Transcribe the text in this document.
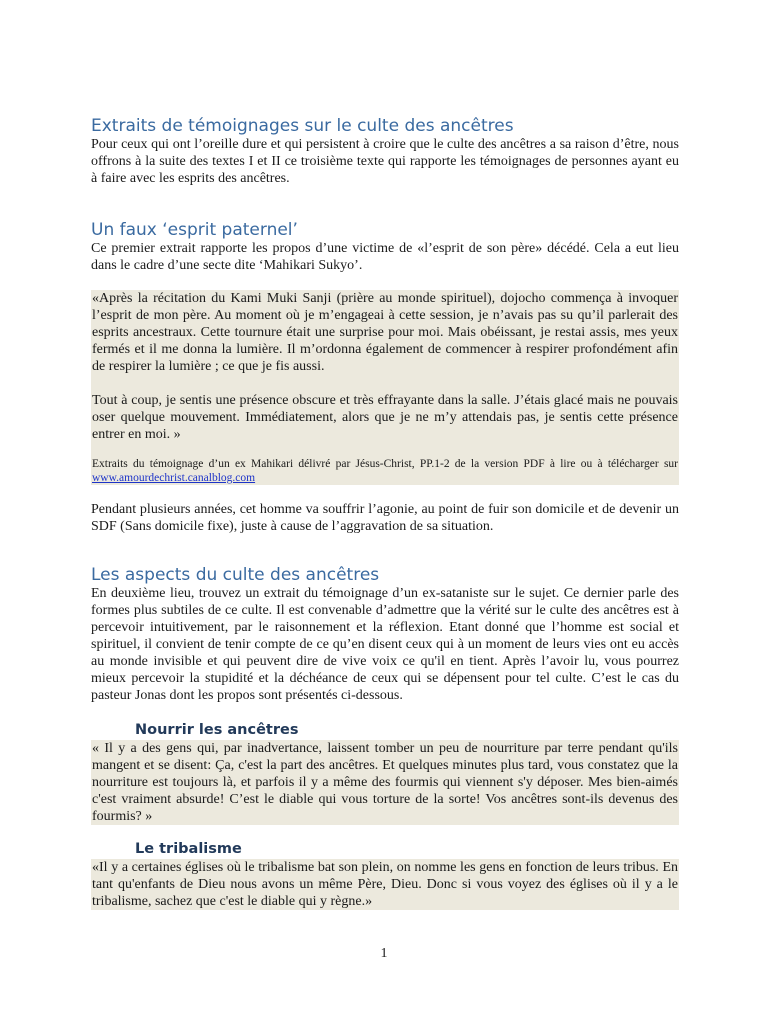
Extraits de témoignages sur le culte des ancêtres

Pour ceux qui ont l’oreille dure et qui persistent à croire que le culte des ancêtres a sa raison d’être, nous offrons à la suite des textes I et II ce troisième texte qui rapporte les témoignages de personnes ayant eu à faire avec les esprits des ancêtres.

Un faux ‘esprit paternel’

Ce premier extrait rapporte les propos d’une victime de «l’esprit de son père» décédé. Cela a eut lieu dans le cadre d’une secte dite ‘Mahikari Sukyo’.

«Après la récitation du Kami Muki Sanji (prière au monde spirituel), dojocho commença à invoquer l’esprit de mon père. Au moment où je m’engageai à cette session, je n’avais pas su qu’il parlerait des esprits ancestraux. Cette tournure était une surprise pour moi. Mais obéissant, je restai assis, mes yeux fermés et il me donna la lumière. Il m’ordonna également de commencer à respirer profondément afin de respirer la lumière ; ce que je fis aussi.

Tout à coup, je sentis une présence obscure et très effrayante dans la salle. J’étais glacé mais ne pouvais oser quelque mouvement. Immédiatement, alors que je ne m’y attendais pas, je sentis cette présence entrer en moi. »

Extraits du témoignage d’un ex Mahikari délivré par Jésus-Christ, PP.1-2 de la version PDF à lire ou à télécharger sur www.amourdechrist.canalblog.com

Pendant plusieurs années, cet homme va souffrir l’agonie, au point de fuir son domicile et de devenir un SDF (Sans domicile fixe), juste à cause de l’aggravation de sa situation.

Les aspects du culte des ancêtres

En deuxième lieu, trouvez un extrait du témoignage d’un ex-sataniste sur le sujet. Ce dernier parle des formes plus subtiles de ce culte. Il est convenable d’admettre que la vérité sur le culte des ancêtres est à percevoir intuitivement, par le raisonnement et la réflexion. Etant donné que l’homme est social et spirituel, il convient de tenir compte de ce qu’en disent ceux qui à un moment de leurs vies ont eu accès au monde invisible et qui peuvent dire de vive voix ce qu'il en tient. Après l’avoir lu, vous pourrez mieux percevoir la stupidité et la déchéance de ceux qui se dépensent pour tel culte. C’est le cas du pasteur Jonas dont les propos sont présentés ci-dessous.

Nourrir les ancêtres

« Il y a des gens qui, par inadvertance, laissent tomber un peu de nourriture par terre pendant qu'ils mangent et se disent: Ça, c'est la part des ancêtres. Et quelques minutes plus tard, vous constatez que la nourriture est toujours là, et parfois il y a même des fourmis qui viennent s'y déposer. Mes bien-aimés c'est vraiment absurde! C’est le diable qui vous torture de la sorte! Vos ancêtres sont-ils devenus des fourmis? »

Le tribalisme

«Il y a certaines églises où le tribalisme bat son plein, on nomme les gens en fonction de leurs tribus. En tant qu'enfants de Dieu nous avons un même Père, Dieu. Donc si vous voyez des églises où il y a le tribalisme, sachez que c'est le diable qui y règne.»

1
